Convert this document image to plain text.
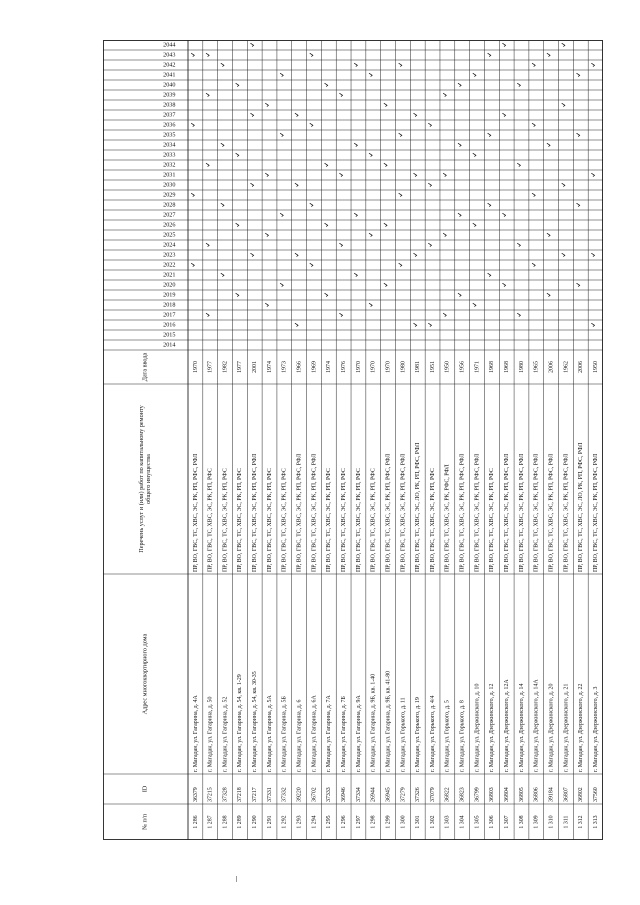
№ п/п
ID
Адрес многоквартирного дома
Перечень услуг и (или) работ по капитальному ремонтуобщего имущества
Дата ввода
2014
2015
2016
2017
2018
2019
2020
2021
2022
2023
2024
2025
2026
2027
2028
2029
2030
2031
2032
2033
2034
2035
2036
2037
2038
2039
2040
2041
2042
2043
2044
1 286
36379
г. Магадан, ул. Гагарина, д. 4А
ПР, ВО, ГВС, ТС, ХВС, ЭС, РК, РП, РФС, РФЛ
1970
1 287
37215
г. Магадан, ул. Гагарина, д. 50
ПР, ВО, ГВС, ТС, ХВС, ЭС, РК, РП, РФС
1977
1 288
37328
г. Магадан, ул. Гагарина, д. 52
ПР, ВО, ГВС, ТС, ХВС, ЭС, РК, РП, РФС
1982
1 289
37218
г. Магадан, ул. Гагарина, д. 54, кв. 1-29
ПР, ВО, ГВС, ТС, ХВС, ЭС, РК, РП, РФС
1977
1 290
37217
г. Магадан, ул. Гагарина, д. 54, кв. 30-35
ПР, ВО, ГВС, ТС, ХВС, ЭС, РК, РП, РФС, РФЛ
2001
1 291
37331
г. Магадан, ул. Гагарина, д. 5А
ПР, ВО, ГВС, ТС, ХВС, ЭС, РК, РП, РФС
1974
1 292
37332
г. Магадан, ул. Гагарина, д. 5Б
ПР, ВО, ГВС, ТС, ХВС, ЭС, РК, РП, РФС
1973
1 293
39220
г. Магадан, ул. Гагарина, д. 6
ПР, ВО, ГВС, ТС, ХВС, ЭС, РК, РП, РФС, РФЛ
1966
1 294
36702
г. Магадан, ул. Гагарина, д. 6А
ПР, ВО, ГВС, ТС, ХВС, ЭС, РК, РП, РФС, РФЛ
1969
1 295
37333
г. Магадан, ул. Гагарина, д. 7А
ПР, ВО, ГВС, ТС, ХВС, ЭС, РК, РП, РФС
1974
1 296
36946
г. Магадан, ул. Гагарина, д. 7Б
ПР, ВО, ГВС, ТС, ХВС, ЭС, РК, РП, РФС
1976
1 297
37334
г. Магадан, ул. Гагарина, д. 9А
ПР, ВО, ГВС, ТС, ХВС, ЭС, РК, РП, РФС
1970
1 298
26944
г. Магадан, ул. Гагарина, д. 9Б, кв. 1-40
ПР, ВО, ГВС, ТС, ХВС, ЭС, РК, РП, РФС
1970
1 299
36945
г. Магадан, ул. Гагарина, д. 9Б, кв. 41-80
ПР, ВО, ГВС, ТС, ХВС, ЭС, РК, РП, РФС, РФЛ
1970
1 300
37279
г. Магадан, ул. Горького, д. 11
ПР, ВО, ГВС, ТС, ХВС, ЭС, РК, РП, РФС, РФЛ
1980
1 301
37326
г. Магадан, ул. Горького, д. 19
ПР, ВО, ГВС, ТС, ХВС, ЭС, ЛО, РК, РП, РФС, РФЛ
1981
1 302
37079
г. Магадан, ул. Горького, д. 4/4
ПР, ВО, ГВС, ТС, ХВС, ЭС, РК, РП, РФС
1951
1 303
36822
г. Магадан, ул. Горького, д. 5
ПР, ВО, ГВС, ТС, ХВС, ЭС, РК, РФС, РФЛ
1950
1 304
36823
г. Магадан, ул. Горького, д. 8
ПР, ВО, ГВС, ТС, ХВС, ЭС, РК, РП, РФС, РФЛ
1956
1 305
36799
г. Магадан, ул. Дзержинского, д. 10
ПР, ВО, ГВС, ТС, ХВС, ЭС, РК, РП, РФС, РФЛ
1971
1 306
36803
г. Магадан, ул. Дзержинского, д. 12
ПР, ВО, ГВС, ТС, ХВС, ЭС, РК, РП, РФС
1968
1 307
36804
г. Магадан, ул. Дзержинского, д. 12А
ПР, ВО, ГВС, ТС, ХВС, ЭС, РК, РП, РФС, РФЛ
1968
1 308
36805
г. Магадан, ул. Дзержинского, д. 14
ПР, ВО, ГВС, ТС, ХВС, ЭС, РК, РП, РФС, РФЛ
1980
1 309
36806
г. Магадан, ул. Дзержинского, д. 14А
ПР, ВО, ГВС, ТС, ХВС, ЭС, РК, РП, РФС, РФЛ
1965
1 310
39184
г. Магадан, ул. Дзержинского, д. 20
ПР, ВО, ГВС, ТС, ХВС, ЭС, РК, РП, РФС, РФЛ
2006
1 311
36807
г. Магадан, ул. Дзержинского, д. 21
ПР, ВО, ГВС, ТС, ХВС, ЭС, РК, РП, РФС, РФЛ
1962
1 312
36802
г. Магадан, ул. Дзержинского, д. 22
ПР, ВО, ГВС, ТС, ХВС, ЭС, ЛО, РК, РП, РФС, РФЛ
2006
1 313
37560
г. Магадан, ул. Дзержинского, д. 3
ПР, ВО, ГВС, ТС, ХВС, ЭС, РК, РП, РФС, РФЛ
1950
